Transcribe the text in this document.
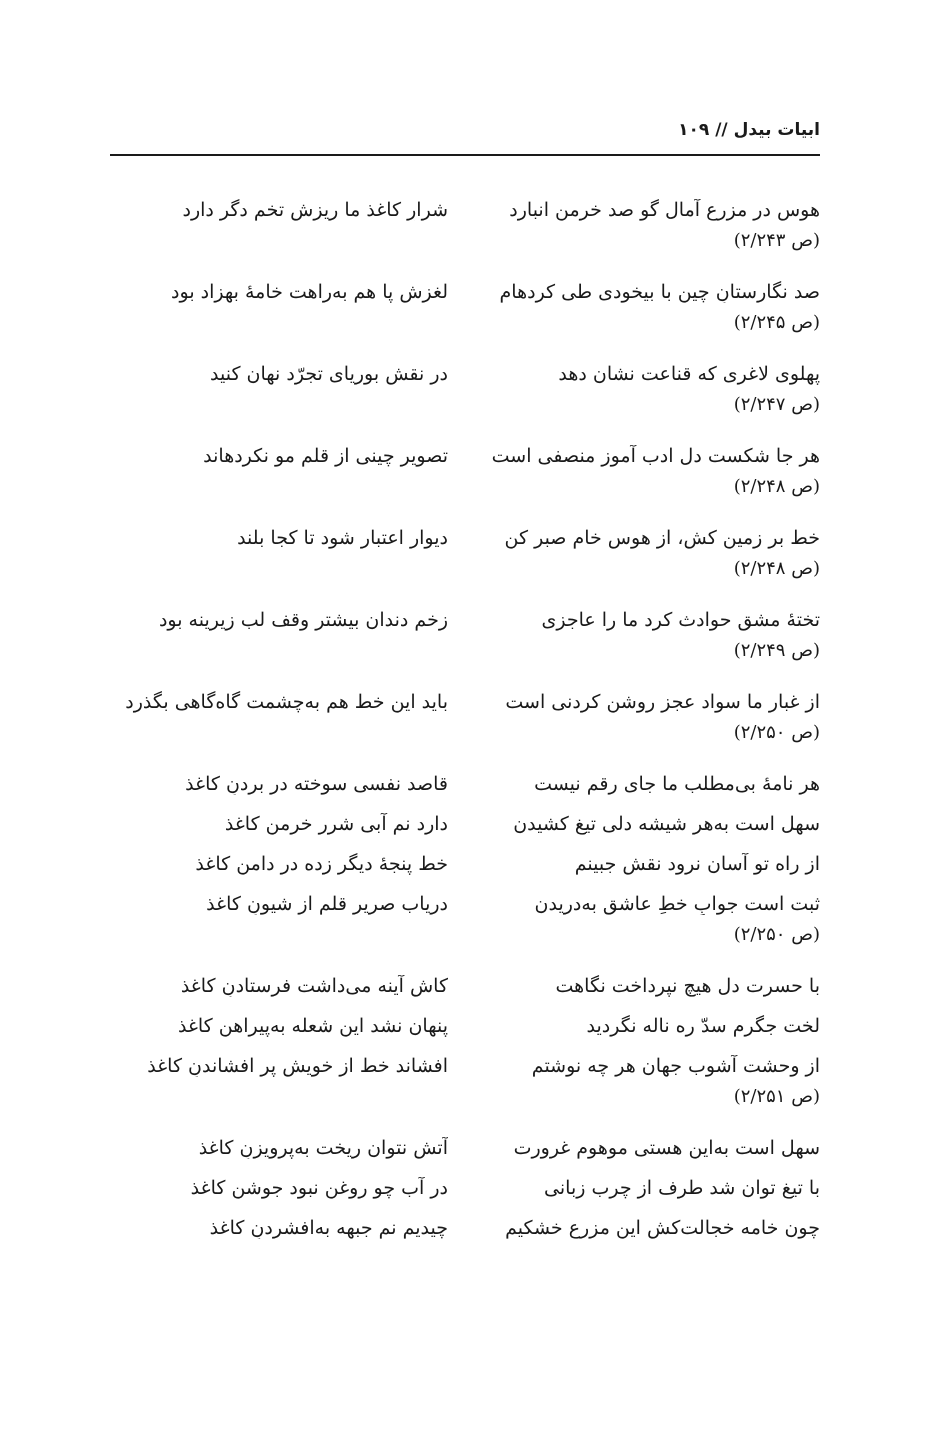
ابیات بیدل // ۱۰۹
هوس در مزرع آمال گو صد خرمن انبارد
شرارِ کاغذ ما ریزش تخم دگر دارد
(ص ۲/۲۴۳)
صد نگارستانِ چین با بیخودی طی کردهام
لغزش پا هم به‌راهت خامۀ بهزاد بود
(ص ۲/۲۴۵)
پهلوی لاغری که قناعت نشان دهد
در نقشِ بوریای تجرّد نهان کنید
(ص ۲/۲۴۷)
هر جا شکست دل ادب آموز منصفی است
تصویرِ چینی از قلمِ مو نکردهاند
(ص ۲/۲۴۸)
خط بر زمین کش، از هوس خام صبر کن
دیوار اعتبار شود تا کجا بلند
(ص ۲/۲۴۸)
تختۀ مشقِ حوادث کرد ما را عاجزی
زخم دندان بیشتر وقف لب زیرینه بود
(ص ۲/۲۴۹)
از غبار ما سواد عجز روشن کردنی است
باید این خط هم به‌چشمت گاه‌گاهی بگذرد
(ص ۲/۲۵۰)
هر نامۀ بی‌مطلب ما جای رقم نیست
قاصد نفسی سوخته در بردنِ کاغذ
سهل است به‌هر شیشه دلی تیغ کشیدن
دارد نم آبی شرر خرمنِ کاغذ
از راه تو آسان نرود نقشِ جبینم
خط پنجۀ دیگر زده در دامنِ کاغذ
ثبت است جوابِ خطِ عاشق به‌دریدن
دریاب صریرِ قلم از شیونِ کاغذ
(ص ۲/۲۵۰)
با حسرت دل هیچ نپرداخت نگاهت
کاش آینه می‌داشت فرستادنِ کاغذ
لخت جگرم سدّ ره ناله نگردید
پنهان نشد این شعله به‌پیراهنِ کاغذ
از وحشت آشوب جهان هر چه نوشتم
افشاند خط از خویش پر افشاندنِ کاغذ
(ص ۲/۲۵۱)
سهل است به‌این هستی موهوم غرورت
آتش نتوان ریخت به‌پرویزنِ کاغذ
با تیغ توان شد طرف از چرب زبانی
در آب چو روغن نبود جوشنِ کاغذ
چون خامه خجالت‌کش این مزرع خشکیم
چیدیم نم جبهه به‌افشردنِ کاغذ
